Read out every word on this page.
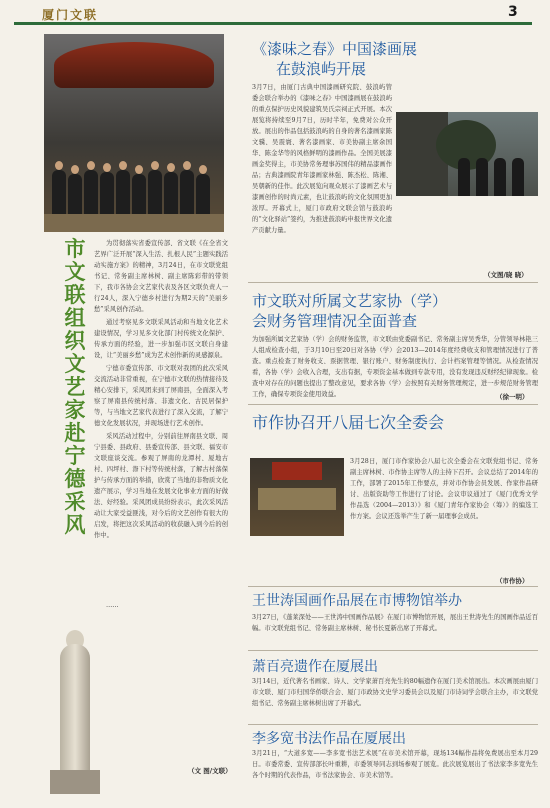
厦门文联	3
市文联组织文艺家赴宁德采风

为贯彻落实省委宣传部、省文联《在全省文艺界广泛开展“深入生活、扎根人民”主题实践活动实施方案》的精神，3月24日，在市文联党组书记、常务副主席林树、副主席陈彩带的带领下，我市各协会文艺家代表及各区文联负责人一行24人，深入宁德乡村进行为期2天的“美丽乡愁”采风创作活动。

通过考察见多文联采风活动和当地文化艺术建设情况，学习见多文化部门村传统文化保护、传承方面的经验，进一步加强市区文联自身建设，让“美丽乡愁”成为艺术创作新的灵感源泉。

宁德市委宣传部、市文联对我团的此次采风交流活动非常重视，在宁德市文联的热情接待及精心安排下，采风团来到了屏南县，全面深入考察了屏南县传统村落、非遗文化、古民居保护等，与当地文艺家代表进行了深入交流，了解宁德文化发展状况，并现场进行艺术创作。

采风活动过程中，分别前往屏南县文联、周宁县委、县政府、县委宣传部、县文联、福安市文联座谈交流。参观了屏南的龙潭村、厦地古村、四坪村、漈下村等传统村落，了解古村落保护与传承方面的举措，欣赏了当地的非物质文化遗产展示，学习当地在发展文化事业方面的好做法、好经验。采风团成员纷纷表示，此次采风活动让大家受益匪浅，对今后的文艺创作有很大的启发，将把这次采风活动的收获融入到今后的创作中。

……

（文 图/文联）
《漆味之春》中国漆画展
在鼓浪屿开展
3月7日，由厦门古典中国漆画研究院、鼓浪屿管委会联合举办的《漆味之春》中国漆画展在鼓浪屿的重点保护历史风貌建筑吴氏宗祠正式开展。本次展览将持续至9月7日，历时半年，免费对公众开放。展出的作品包括鼓浪屿的自身的著名漆画家陈文骥、吴震寰、著名漆画家、市美协副主席余国华、陈金华等的风格鲜明的漆画作品。全国美展漆画金奖得主，市美协常务理事苏国伟的精品漆画作品；古典漆画院青年漆画家林强、陈杰松、陈湘、吴朝新的佳作。此次展览向观众展示了漆画艺术与漆画创作的时尚元素，也让鼓浪屿的文化氛围更加浓厚。开幕式上，厦门市政府文联会馆与鼓浪屿的“文化驿站”签约，为推进鼓浪屿申报世界文化遗产贡献力量。
（文图/晓 晓）
市文联对所属文艺家协（学）
会财务管理情况全面普查
为加强所属文艺家协（学）会的财务监管，市文联由党委副书记、常务副主席吴秀华，分管领导林艳三人组成检查小组，于3月10日至20日对各协（学）会2013—2014年度经费收支和管理情况进行了普查。重点检查了财务收支、票据管理、银行账户、财务制度执行、会计档案管理等情况。从检查情况看，各协（学）会收入合理，支出有据，专项资金基本做到专款专用，没有发现违反财经纪律现象。检查中对存在的问题也提出了整改意见，要求各协（学）会按照有关财务管理规定，进一步规范财务管理工作，确保专项资金使用效益。	（徐一明）
市作协召开八届七次全委会
3月28日，厦门市作家协会八届七次全委会在文联党组书记、常务副主席林树、市作协主席等人的主持下召开。会议总结了2014年的工作，部署了2015年工作要点，并对市作协会员发展、作家作品研讨、出版资助等工作进行了讨论。会议审议通过了《厦门优秀文学作品选（2004—2013）》和《厦门青年作家协会（筹）》的编选工作方案。会议还选举产生了新一届理事会成员。
（市作协）
王世涛国画作品展在市博物馆举办
3月27日，《蓬莱深处——王世涛中国画作品展》在厦门市博物馆开展，展出王世涛先生的国画作品近百幅。市文联党组书记、常务副主席林树、秘书长夏新出席了开幕式。
萧百亮遗作在厦展出
3月14日，近代著名书画家、诗人、文学家萧百亮先生的80幅遗作在厦门美术馆展出。本次画展由厦门市文联、厦门市归国华侨联合会、厦门市政协文史学习委员会以及厦门市诗词学会联合主办，市文联党组书记、常务副主席林树出席了开幕式。
李多宽书法作品在厦展出
3月21日，“大道多宽——李多宽书法艺术展”在市美术馆开幕，现场134幅作品将免费展出至本月29日。市委常委、宣传部部长叶重耕，市委领导同志到场参观了展览。此次展览展出了书法家李多宽先生各个时期的代表作品，市书法家协会、市美术馆等。
